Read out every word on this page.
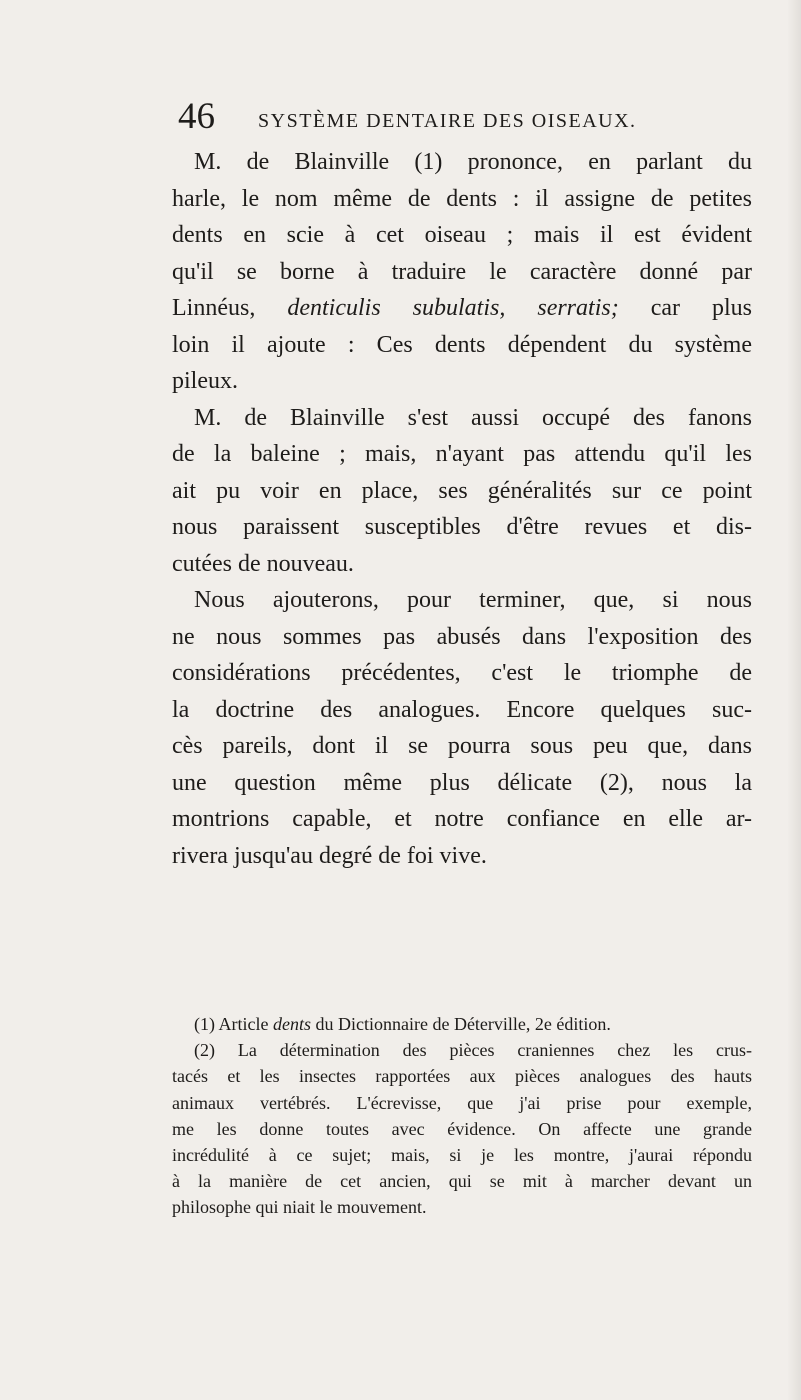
46 SYSTÈME DENTAIRE DES OISEAUX.
M. de Blainville (1) prononce, en parlant du
harle, le nom même de dents : il assigne de petites
dents en scie à cet oiseau ; mais il est évident
qu'il se borne à traduire le caractère donné par
Linnéus, denticulis subulatis, serratis; car plus
loin il ajoute : Ces dents dépendent du système
pileux.
M. de Blainville s'est aussi occupé des fanons
de la baleine ; mais, n'ayant pas attendu qu'il les
ait pu voir en place, ses généralités sur ce point
nous paraissent susceptibles d'être revues et dis-
cutées de nouveau.
Nous ajouterons, pour terminer, que, si nous
ne nous sommes pas abusés dans l'exposition des
considérations précédentes, c'est le triomphe de
la doctrine des analogues. Encore quelques suc-
cès pareils, dont il se pourra sous peu que, dans
une question même plus délicate (2), nous la
montrions capable, et notre confiance en elle ar-
rivera jusqu'au degré de foi vive.
(1) Article dents du Dictionnaire de Déterville, 2e édition.
(2) La détermination des pièces craniennes chez les crus-
tacés et les insectes rapportées aux pièces analogues des hauts
animaux vertébrés. L'écrevisse, que j'ai prise pour exemple,
me les donne toutes avec évidence. On affecte une grande
incrédulité à ce sujet; mais, si je les montre, j'aurai répondu
à la manière de cet ancien, qui se mit à marcher devant un
philosophe qui niait le mouvement.
